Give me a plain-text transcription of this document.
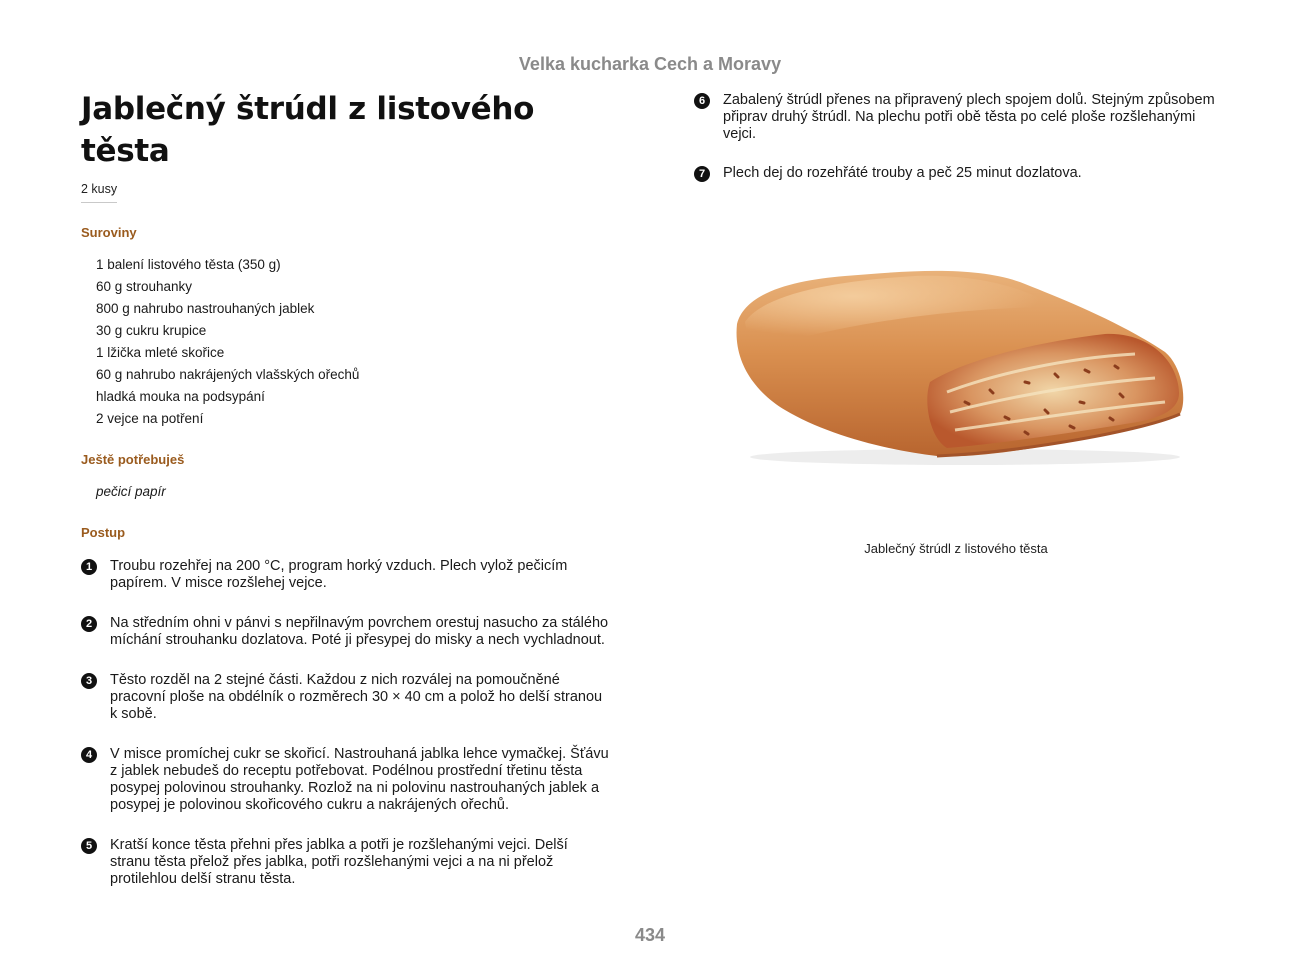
Velka kucharka Cech a Moravy
Jablečný štrúdl z listového těsta
2 kusy
Suroviny
1 balení listového těsta (350 g)
60 g strouhanky
800 g nahrubo nastrouhaných jablek
30 g cukru krupice
1 lžička mleté skořice
60 g nahrubo nakrájených vlašských ořechů
hladká mouka na podsypání
2 vejce na potření
Ještě potřebuješ
pečicí papír
Postup
1	Troubu rozehřej na 200 °C, program horký vzduch. Plech vylož pečicím papírem. V misce rozšlehej vejce.
2	Na středním ohni v pánvi s nepřilnavým povrchem orestuj nasucho za stálého míchání strouhanku dozlatova. Poté ji přesypej do misky a nech vychladnout.
3	Těsto rozděl na 2 stejné části. Každou z nich rozválej na pomoučněné pracovní ploše na obdélník o rozměrech 30 × 40 cm a polož ho delší stranou k sobě.
4	V misce promíchej cukr se skořicí. Nastrouhaná jablka lehce vymačkej. Šťávu z jablek nebudeš do receptu potřebovat. Podélnou prostřední třetinu těsta posypej polovinou strouhanky. Rozlož na ni polovinu nastrouhaných jablek a posypej je polovinou skořicového cukru a nakrájených ořechů.
5	Kratší konce těsta přehni přes jablka a potři je rozšlehanými vejci. Delší stranu těsta přelož přes jablka, potři rozšlehanými vejci a na ni přelož protilehlou delší stranu těsta.
6	Zabalený štrúdl přenes na připravený plech spojem dolů. Stejným způsobem připrav druhý štrúdl. Na plechu potři obě těsta po celé ploše rozšlehanými vejci.
7	Plech dej do rozehřáté trouby a peč 25 minut dozlatova.
Jablečný štrúdl z listového těsta
434
